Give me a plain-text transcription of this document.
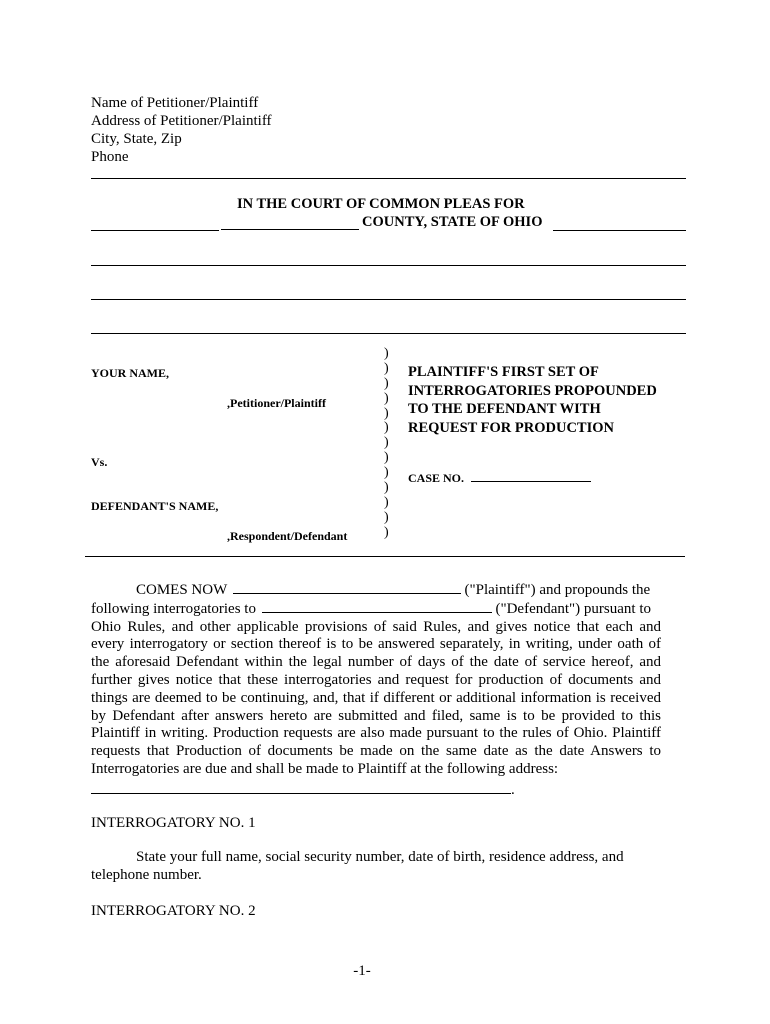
Name of Petitioner/Plaintiff
Address of Petitioner/Plaintiff
City, State, Zip
Phone
IN THE COURT OF COMMON PLEAS FOR
COUNTY, STATE OF OHIO
YOUR NAME,
,Petitioner/Plaintiff
Vs.
DEFENDANT'S NAME,
,Respondent/Defendant
)
)
)
)
)
)
)
)
)
)
)
)
)
PLAINTIFF'S FIRST SET OF
INTERROGATORIES PROPOUNDED
TO THE DEFENDANT WITH
REQUEST FOR PRODUCTION
CASE NO.
COMES NOW	("Plaintiff") and propounds the
following interrogatories to	("Defendant") pursuant to

Ohio Rules, and other applicable provisions of said Rules, and gives notice that each and every interrogatory or section thereof is to be answered separately, in writing, under oath of the aforesaid Defendant within the legal number of days of the date of service hereof, and further gives notice that these interrogatories and request for production of documents and things are deemed to be continuing, and, that if different or additional information is received by Defendant after answers hereto are submitted and filed, same is to be provided to this Plaintiff in writing. Production requests are also made pursuant to the rules of Ohio. Plaintiff requests that Production of documents be made on the same date as the date Answers to Interrogatories are due and shall be made to Plaintiff at the following address:

.
INTERROGATORY NO. 1
State your full name, social security number, date of birth, residence address, and telephone number.
INTERROGATORY NO. 2
-1-
